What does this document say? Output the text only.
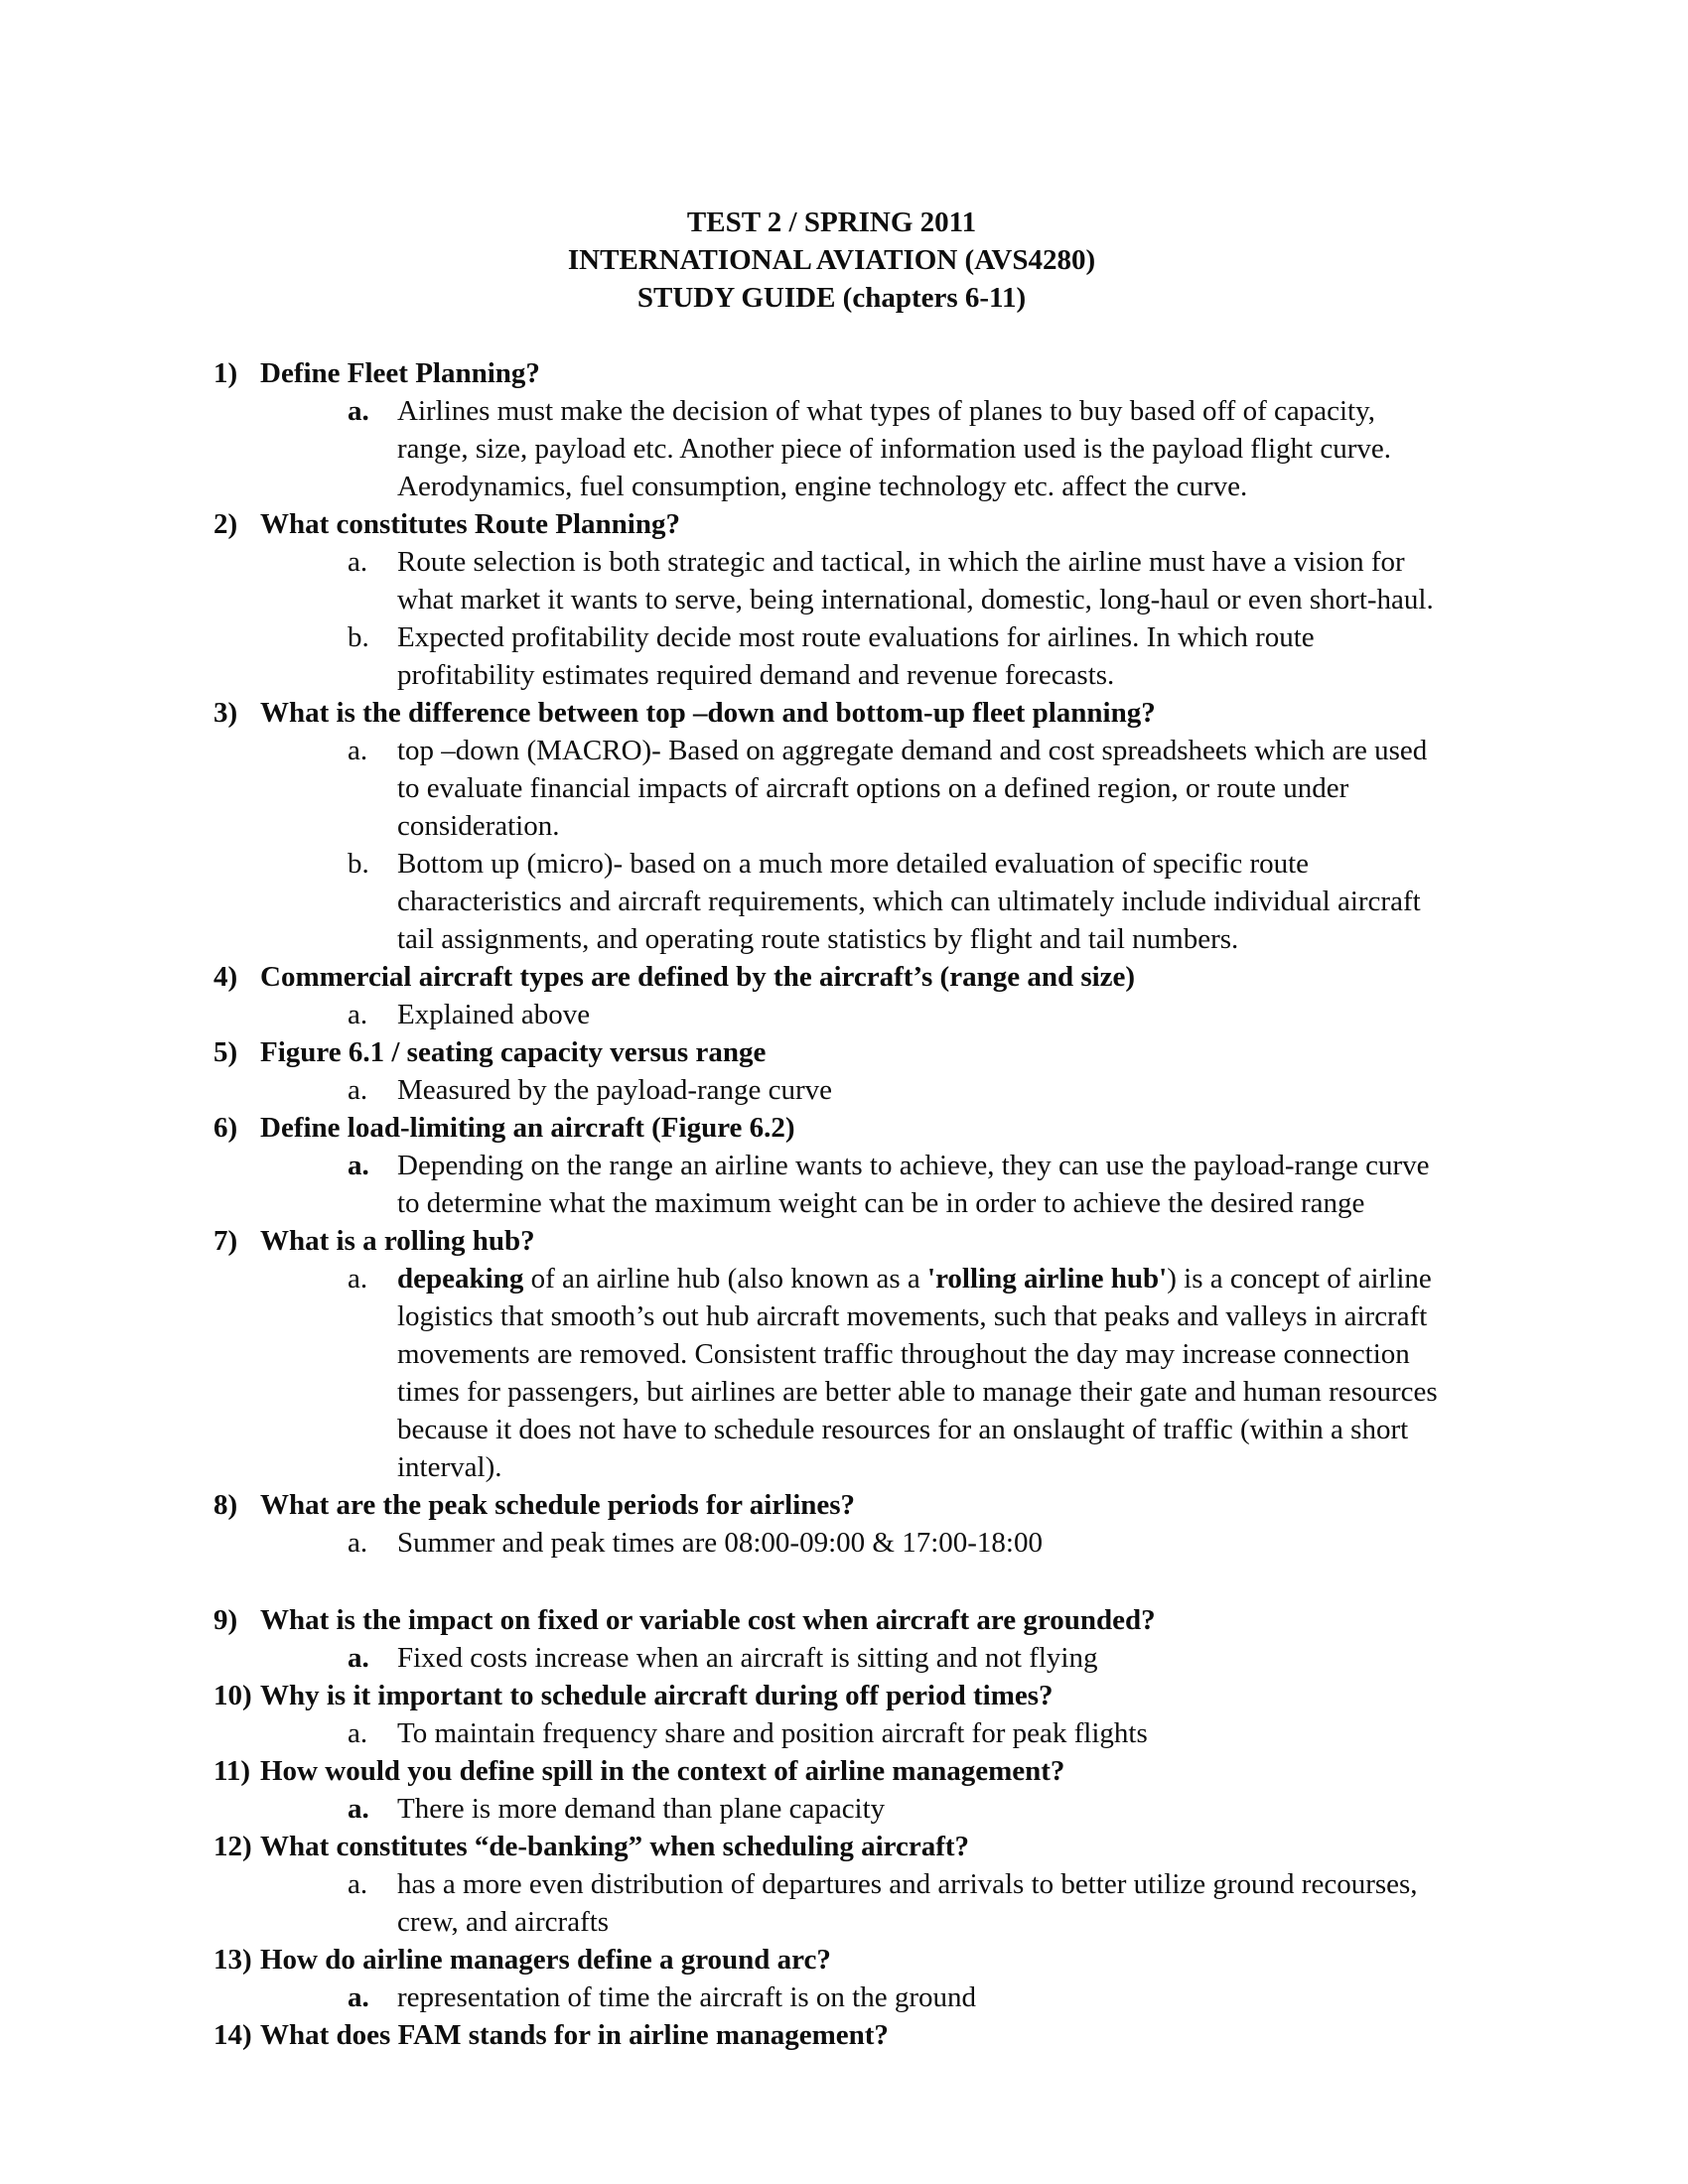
TEST 2 / SPRING 2011
INTERNATIONAL AVIATION (AVS4280)
STUDY GUIDE (chapters 6-11)
1) Define Fleet Planning?
a. Airlines must make the decision of what types of planes to buy based off of capacity, range, size, payload etc. Another piece of information used is the payload flight curve. Aerodynamics, fuel consumption, engine technology etc. affect the curve.
2) What constitutes Route Planning?
a. Route selection is both strategic and tactical, in which the airline must have a vision for what market it wants to serve, being international, domestic, long-haul or even short-haul.
b. Expected profitability decide most route evaluations for airlines. In which route profitability estimates required demand and revenue forecasts.
3) What is the difference between top –down and bottom-up fleet planning?
a. top –down (MACRO)- Based on aggregate demand and cost spreadsheets which are used to evaluate financial impacts of aircraft options on a defined region, or route under consideration.
b. Bottom up (micro)- based on a much more detailed evaluation of specific route characteristics and aircraft requirements, which can ultimately include individual aircraft tail assignments, and operating route statistics by flight and tail numbers.
4) Commercial aircraft types are defined by the aircraft’s (range and size)
a. Explained above
5) Figure 6.1 / seating capacity versus range
a. Measured by the payload-range curve
6) Define load-limiting an aircraft (Figure 6.2)
a. Depending on the range an airline wants to achieve, they can use the payload-range curve to determine what the maximum weight can be in order to achieve the desired range
7) What is a rolling hub?
a. depeaking of an airline hub (also known as a 'rolling airline hub') is a concept of airline logistics that smooth’s out hub aircraft movements, such that peaks and valleys in aircraft movements are removed. Consistent traffic throughout the day may increase connection times for passengers, but airlines are better able to manage their gate and human resources because it does not have to schedule resources for an onslaught of traffic (within a short interval).
8) What are the peak schedule periods for airlines?
a. Summer and peak times are 08:00-09:00 & 17:00-18:00
9) What is the impact on fixed or variable cost when aircraft are grounded?
a. Fixed costs increase when an aircraft is sitting and not flying
10) Why is it important to schedule aircraft during off period times?
a. To maintain frequency share and position aircraft for peak flights
11) How would you define spill in the context of airline management?
a. There is more demand than plane capacity
12) What constitutes “de-banking” when scheduling aircraft?
a. has a more even distribution of departures and arrivals to better utilize ground recourses, crew, and aircrafts
13) How do airline managers define a ground arc?
a. representation of time the aircraft is on the ground
14) What does FAM stands for in airline management?
